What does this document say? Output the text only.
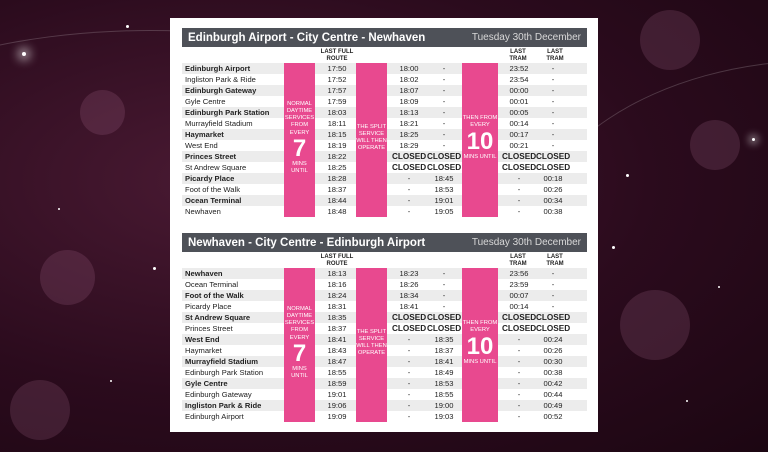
Edinburgh Airport - City Centre - Newhaven	Tuesday 30th December
LAST FULL ROUTE
LAST TRAM
LAST TRAM
Edinburgh Airport	17:50	18:00	-	23:52	-
Ingliston Park & Ride	17:52	18:02	-	23:54	-
Edinburgh Gateway	17:57	18:07	-	00:00	-
Gyle Centre	17:59	18:09	-	00:01	-
Edinburgh Park Station	18:03	18:13	-	00:05	-
Murrayfield Stadium	18:11	18:21	-	00:14	-
Haymarket	18:15	18:25	-	00:17	-
West End	18:19	18:29	-	00:21	-
Princes Street	18:22	CLOSED CLOSED	CLOSED CLOSED
St Andrew Square	18:25	CLOSED CLOSED	CLOSED CLOSED
Picardy Place	18:28	-	18:45	-	00:18
Foot of the Walk	18:37	-	18:53	-	00:26
Ocean Terminal	18:44	-	19:01	-	00:34
Newhaven	18:48	-	19:05	-	00:38
NORMAL DAYTIME SERVICES FROM EVERY
7
MINS UNTIL
THE SPLIT SERVICE WILL THEN OPERATE
THEN FROM EVERY
10
MINS UNTIL
Newhaven - City Centre - Edinburgh Airport	Tuesday 30th December
LAST FULL ROUTE
LAST TRAM
LAST TRAM
Newhaven	18:13	18:23	-	23:56	-
Ocean Terminal	18:16	18:26	-	23:59	-
Foot of the Walk	18:24	18:34	-	00:07	-
Picardy Place	18:31	18:41	-	00:14	-
St Andrew Square	18:35	CLOSED CLOSED	CLOSED CLOSED
Princes Street	18:37	CLOSED CLOSED	CLOSED CLOSED
West End	18:41	-	18:35	-	00:24
Haymarket	18:43	-	18:37	-	00:26
Murrayfield Stadium	18:47	-	18:41	-	00:30
Edinburgh Park Station	18:55	-	18:49	-	00:38
Gyle Centre	18:59	-	18:53	-	00:42
Edinburgh Gateway	19:01	-	18:55	-	00:44
Ingliston Park & Ride	19:06	-	19:00	-	00:49
Edinburgh Airport	19:09	-	19:03	-	00:52
NORMAL DAYTIME SERVICES FROM EVERY
7
MINS UNTIL
THE SPLIT SERVICE WILL THEN OPERATE
THEN FROM EVERY
10
MINS UNTIL
